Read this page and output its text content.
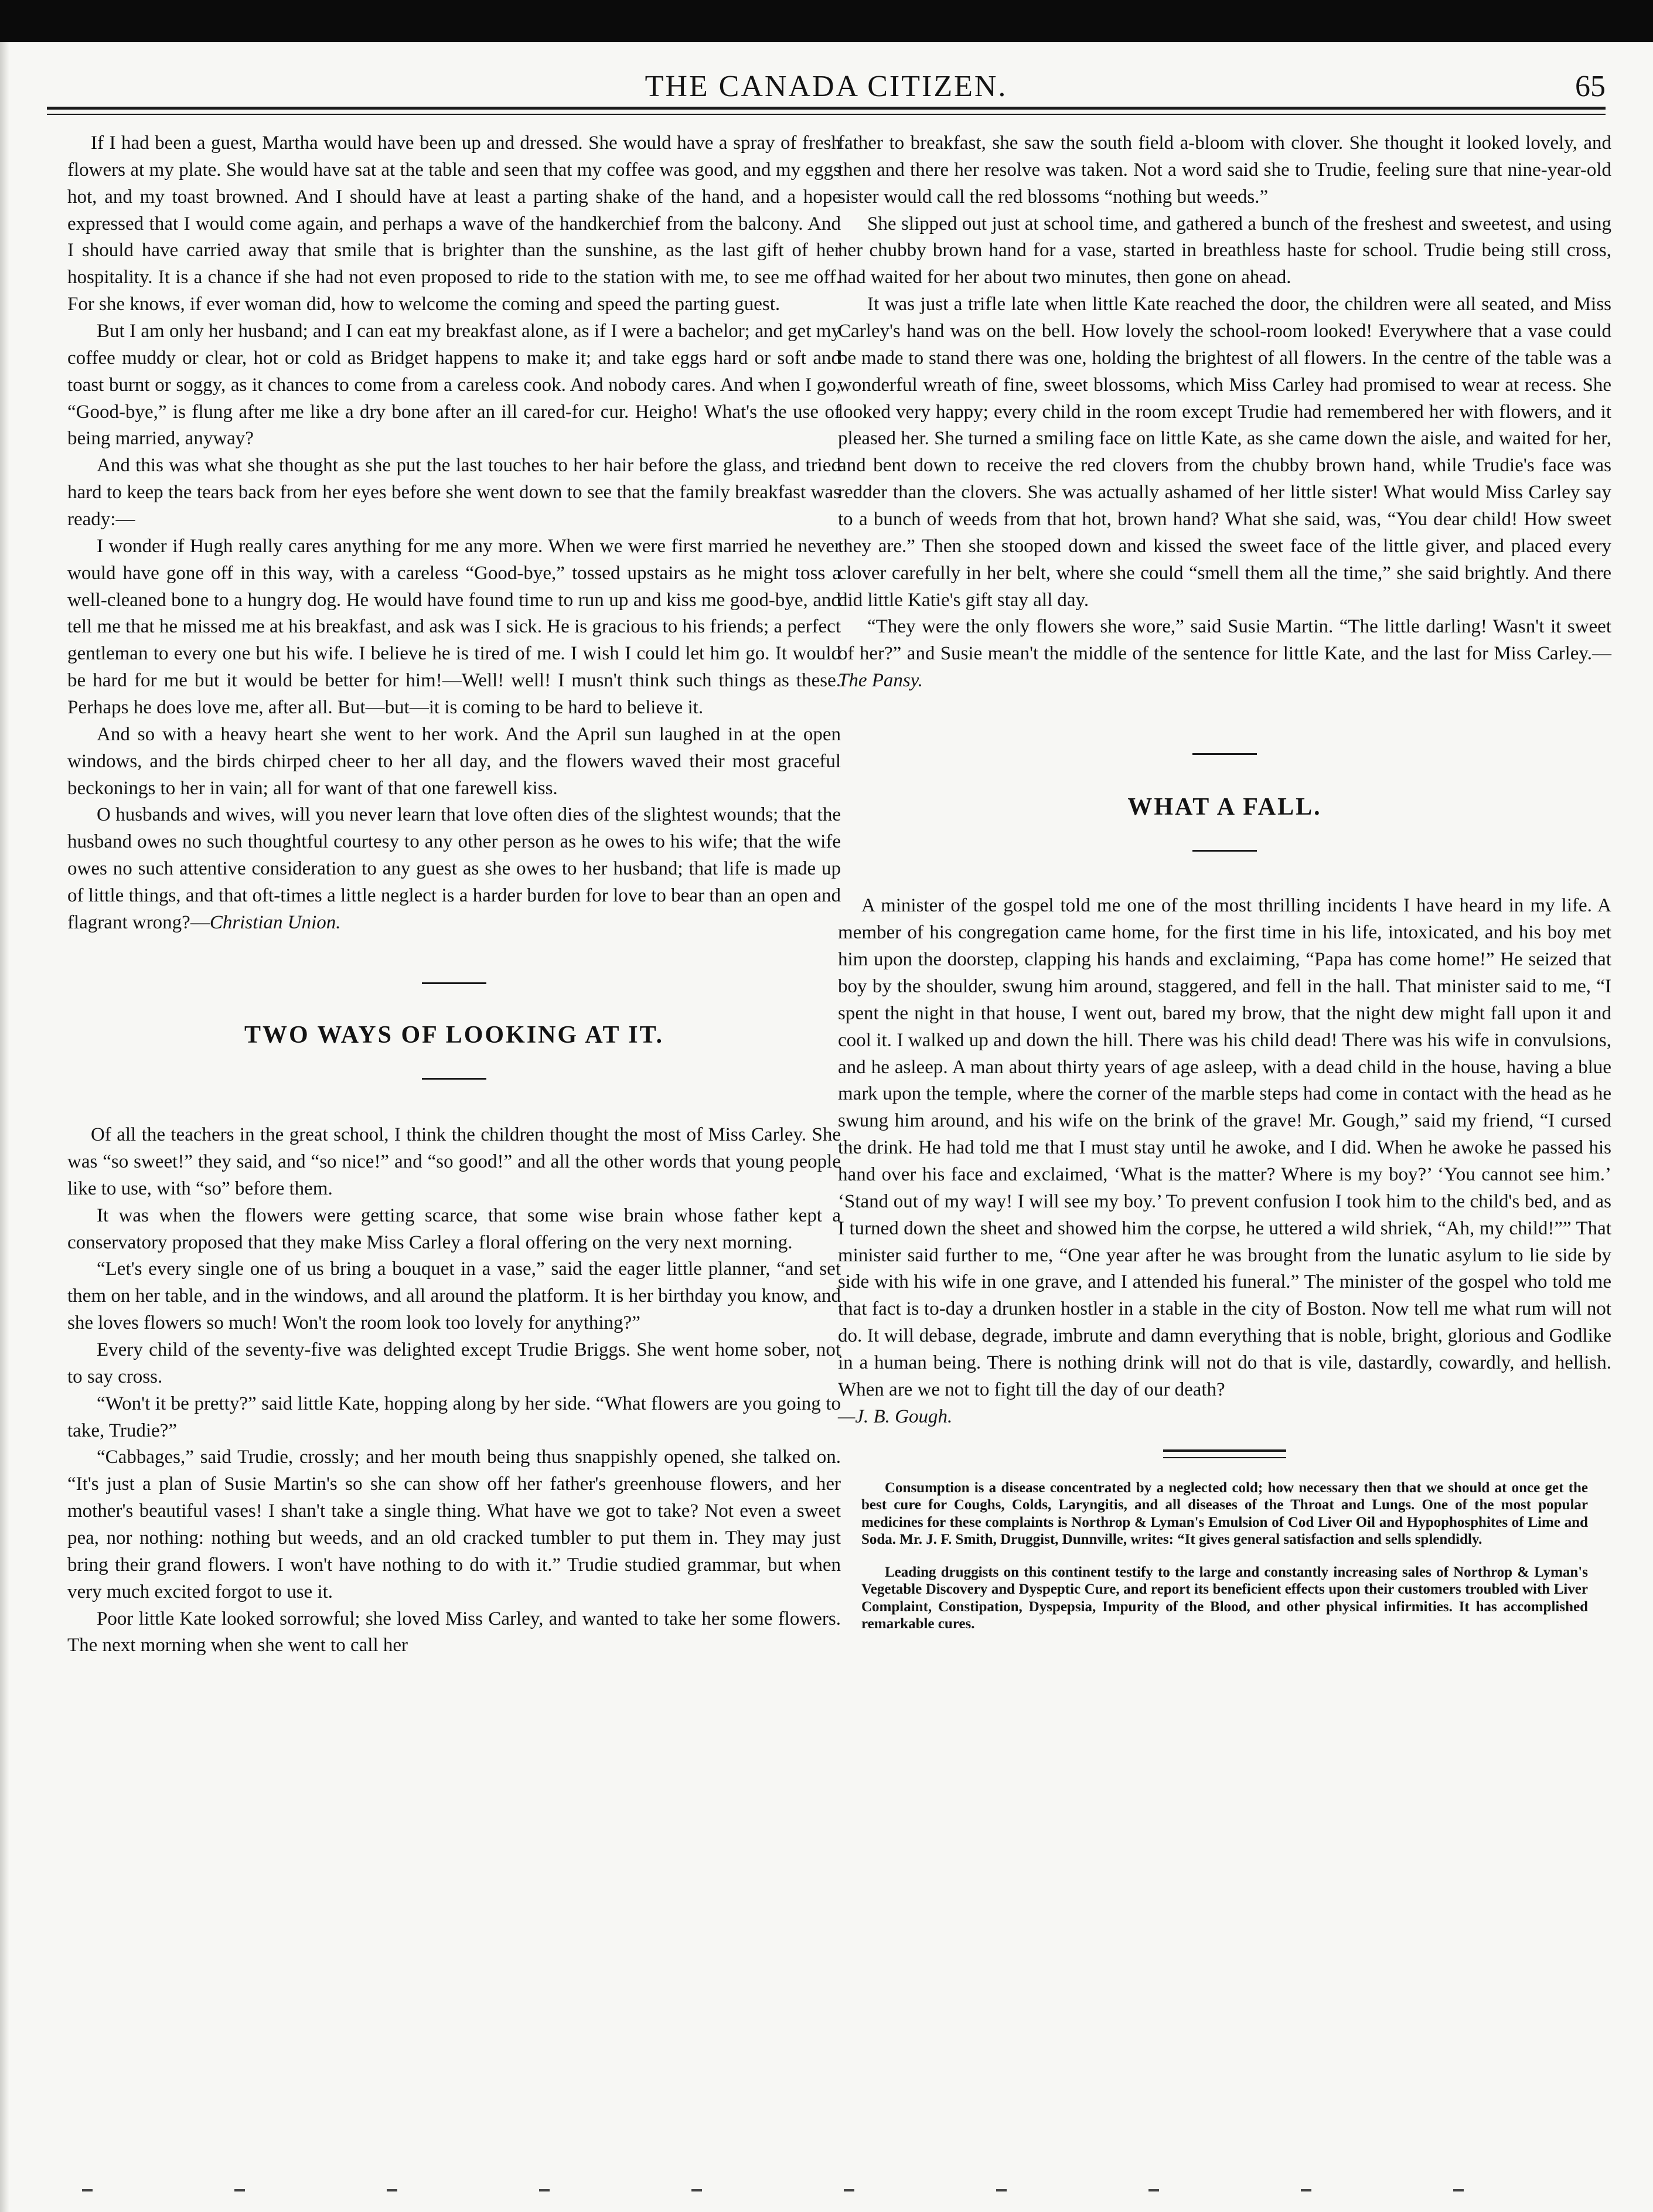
THE CANADA CITIZEN.	65

If I had been a guest, Martha would have been up and dressed. She would have a spray of fresh flowers at my plate. She would have sat at the table and seen that my coffee was good, and my eggs hot, and my toast browned. And I should have at least a parting shake of the hand, and a hope expressed that I would come again, and perhaps a wave of the handkerchief from the balcony. And I should have carried away that smile that is brighter than the sunshine, as the last gift of her hospitality. It is a chance if she had not even proposed to ride to the station with me, to see me off. For she knows, if ever woman did, how to welcome the coming and speed the parting guest.

But I am only her husband; and I can eat my breakfast alone, as if I were a bachelor; and get my coffee muddy or clear, hot or cold as Bridget happens to make it; and take eggs hard or soft and toast burnt or soggy, as it chances to come from a careless cook. And nobody cares. And when I go, “Good-bye,” is flung after me like a dry bone after an ill cared-for cur. Heigho! What's the use of being married, anyway?

And this was what she thought as she put the last touches to her hair before the glass, and tried hard to keep the tears back from her eyes before she went down to see that the family breakfast was ready:—

I wonder if Hugh really cares anything for me any more. When we were first married he never would have gone off in this way, with a careless “Good-bye,” tossed upstairs as he might toss a well-cleaned bone to a hungry dog. He would have found time to run up and kiss me good-bye, and tell me that he missed me at his breakfast, and ask was I sick. He is gracious to his friends; a perfect gentleman to every one but his wife. I believe he is tired of me. I wish I could let him go. It would be hard for me but it would be better for him!—Well! well! I musn't think such things as these. Perhaps he does love me, after all. But—but—it is coming to be hard to believe it.

And so with a heavy heart she went to her work. And the April sun laughed in at the open windows, and the birds chirped cheer to her all day, and the flowers waved their most graceful beckonings to her in vain; all for want of that one farewell kiss.

O husbands and wives, will you never learn that love often dies of the slightest wounds; that the husband owes no such thoughtful courtesy to any other person as he owes to his wife; that the wife owes no such attentive consideration to any guest as she owes to her husband; that life is made up of little things, and that oft-times a little neglect is a harder burden for love to bear than an open and flagrant wrong?—Christian Union.

TWO WAYS OF LOOKING AT IT.

Of all the teachers in the great school, I think the children thought the most of Miss Carley. She was “so sweet!” they said, and “so nice!” and “so good!” and all the other words that young people like to use, with “so” before them.

It was when the flowers were getting scarce, that some wise brain whose father kept a conservatory proposed that they make Miss Carley a floral offering on the very next morning.

“Let's every single one of us bring a bouquet in a vase,” said the eager little planner, “and set them on her table, and in the windows, and all around the platform. It is her birthday you know, and she loves flowers so much! Won't the room look too lovely for anything?”

Every child of the seventy-five was delighted except Trudie Briggs. She went home sober, not to say cross.

“Won't it be pretty?” said little Kate, hopping along by her side. “What flowers are you going to take, Trudie?”

“Cabbages,” said Trudie, crossly; and her mouth being thus snappishly opened, she talked on. “It's just a plan of Susie Martin's so she can show off her father's greenhouse flowers, and her mother's beautiful vases! I shan't take a single thing. What have we got to take? Not even a sweet pea, nor nothing: nothing but weeds, and an old cracked tumbler to put them in. They may just bring their grand flowers. I won't have nothing to do with it.” Trudie studied grammar, but when very much excited forgot to use it.

Poor little Kate looked sorrowful; she loved Miss Carley, and wanted to take her some flowers. The next morning when she went to call her

father to breakfast, she saw the south field a-bloom with clover. She thought it looked lovely, and then and there her resolve was taken. Not a word said she to Trudie, feeling sure that nine-year-old sister would call the red blossoms “nothing but weeds.”

She slipped out just at school time, and gathered a bunch of the freshest and sweetest, and using her chubby brown hand for a vase, started in breathless haste for school. Trudie being still cross, had waited for her about two minutes, then gone on ahead.

It was just a trifle late when little Kate reached the door, the children were all seated, and Miss Carley's hand was on the bell. How lovely the school-room looked! Everywhere that a vase could be made to stand there was one, holding the brightest of all flowers. In the centre of the table was a wonderful wreath of fine, sweet blossoms, which Miss Carley had promised to wear at recess. She looked very happy; every child in the room except Trudie had remembered her with flowers, and it pleased her. She turned a smiling face on little Kate, as she came down the aisle, and waited for her, and bent down to receive the red clovers from the chubby brown hand, while Trudie's face was redder than the clovers. She was actually ashamed of her little sister! What would Miss Carley say to a bunch of weeds from that hot, brown hand? What she said, was, “You dear child! How sweet they are.” Then she stooped down and kissed the sweet face of the little giver, and placed every clover carefully in her belt, where she could “smell them all the time,” she said brightly. And there did little Katie's gift stay all day.

“They were the only flowers she wore,” said Susie Martin. “The little darling! Wasn't it sweet of her?” and Susie mean't the middle of the sentence for little Kate, and the last for Miss Carley.—The Pansy.

WHAT A FALL.

A minister of the gospel told me one of the most thrilling incidents I have heard in my life. A member of his congregation came home, for the first time in his life, intoxicated, and his boy met him upon the doorstep, clapping his hands and exclaiming, “Papa has come home!” He seized that boy by the shoulder, swung him around, staggered, and fell in the hall. That minister said to me, “I spent the night in that house, I went out, bared my brow, that the night dew might fall upon it and cool it. I walked up and down the hill. There was his child dead! There was his wife in convulsions, and he asleep. A man about thirty years of age asleep, with a dead child in the house, having a blue mark upon the temple, where the corner of the marble steps had come in contact with the head as he swung him around, and his wife on the brink of the grave! Mr. Gough,” said my friend, “I cursed the drink. He had told me that I must stay until he awoke, and I did. When he awoke he passed his hand over his face and exclaimed, ‘What is the matter? Where is my boy?’ ‘You cannot see him.’ ‘Stand out of my way! I will see my boy.’ To prevent confusion I took him to the child's bed, and as I turned down the sheet and showed him the corpse, he uttered a wild shriek, “Ah, my child!”” That minister said further to me, “One year after he was brought from the lunatic asylum to lie side by side with his wife in one grave, and I attended his funeral.” The minister of the gospel who told me that fact is to-day a drunken hostler in a stable in the city of Boston. Now tell me what rum will not do. It will debase, degrade, imbrute and damn everything that is noble, bright, glorious and Godlike in a human being. There is nothing drink will not do that is vile, dastardly, cowardly, and hellish. When are we not to fight till the day of our death?

—J. B. Gough.

Consumption is a disease concentrated by a neglected cold; how necessary then that we should at once get the best cure for Coughs, Colds, Laryngitis, and all diseases of the Throat and Lungs. One of the most popular medicines for these complaints is Northrop & Lyman's Emulsion of Cod Liver Oil and Hypophosphites of Lime and Soda. Mr. J. F. Smith, Druggist, Dunnville, writes: “It gives general satisfaction and sells splendidly.

Leading druggists on this continent testify to the large and constantly increasing sales of Northrop & Lyman's Vegetable Discovery and Dyspeptic Cure, and report its beneficient effects upon their customers troubled with Liver Complaint, Constipation, Dyspepsia, Impurity of the Blood, and other physical infirmities. It has accomplished remarkable cures.
